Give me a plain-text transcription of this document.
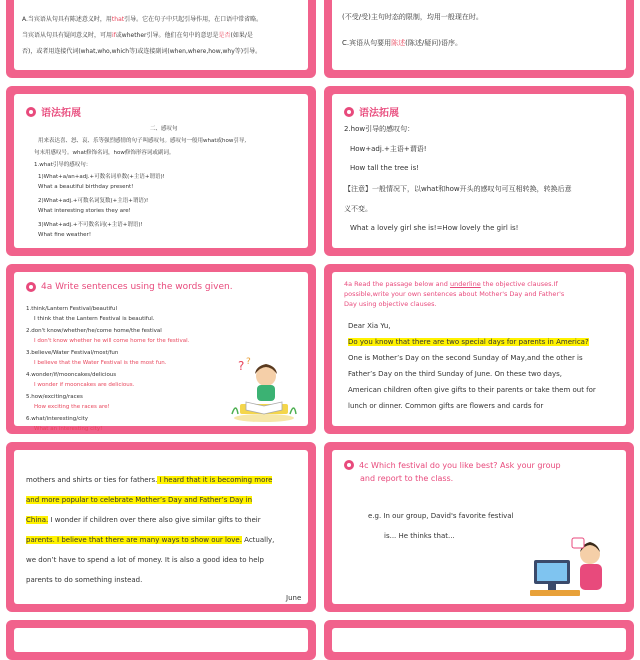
A.当宾语从句具有陈述意义时，用that引导。它在句子中只起引导作用，在口语中常省略。
当宾语从句具有疑问意义时，可用if或whether引导。他们在句中的意思是是否(如果/是
否)，或者用连接代词(what,who,which等)或连接副词(when,where,how,why等)引导。
(不受/受)主句时态的限制，均用一般现在时。
C.宾语从句要用陈述(陈述/疑问)语序。
语法拓展
二、感叹句
用来表达喜、怒、哀、乐等强烈感情的句子叫感叹句。感叹句一般用what或how引导,
句末用感叹号。what修饰名词，how修饰形容词或副词。
1.what引导的感叹句：
1)What+a/an+adj.+可数名词单数(+主语+谓语)!
What a beautiful birthday present!
2)What+adj.+可数名词复数(+主语+谓语)!
What interesting stories they are!
3)What+adj.+不可数名词(+主语+谓语)!
What fine weather!
语法拓展
2.how引导的感叹句：
How+adj.+主语+谓语!
How tall the tree is!
【注意】一般情况下，以what和how开头的感叹句可互相转换，转换后意
义不变。
What a lovely girl she is!=How lovely the girl is!
4a Write sentences using the words given.
1.think/Lantern Festival/beautiful
I think that the Lantern Festival is beautiful.
2.don't know/whether/he/come home/the festival
I don't know whether he will come home for the festival.
3.believe/Water Festival/most/fun
I believe that the Water Festival is the most fun.
4.wonder/if/mooncakes/delicious
I wonder if mooncakes are delicious.
5.how/exciting/races
How exciting the races are!
6.what/interesting/city
What an interesting city!
? ?
4a Read the passage below and underline the objective clauses.If
possible,write your own sentences about Mother's Day and Father's
Day using objective clauses.
Dear Xia Yu,
Do you know that there are two special days for parents in America?
One is Mother’s Day on the second Sunday of May,and the other is
Father’s Day on the third Sunday of June. On these two days,
American children often give gifts to their parents or take them out for
lunch or dinner. Common gifts are flowers and cards for
mothers and shirts or ties for fathers. I heard that it is becoming more
and more popular to celebrate Mother’s Day and Father’s Day in
China. I wonder if children over there also give similar gifts to their
parents. I believe that there are many ways to show our love. Actually,
we don’t have to spend a lot of money. It is also a good idea to help
parents to do something instead.
June
4c Which festival do you like best? Ask your group
and report to the class.
e.g. In our group, David's favorite festival
is... He thinks that...
